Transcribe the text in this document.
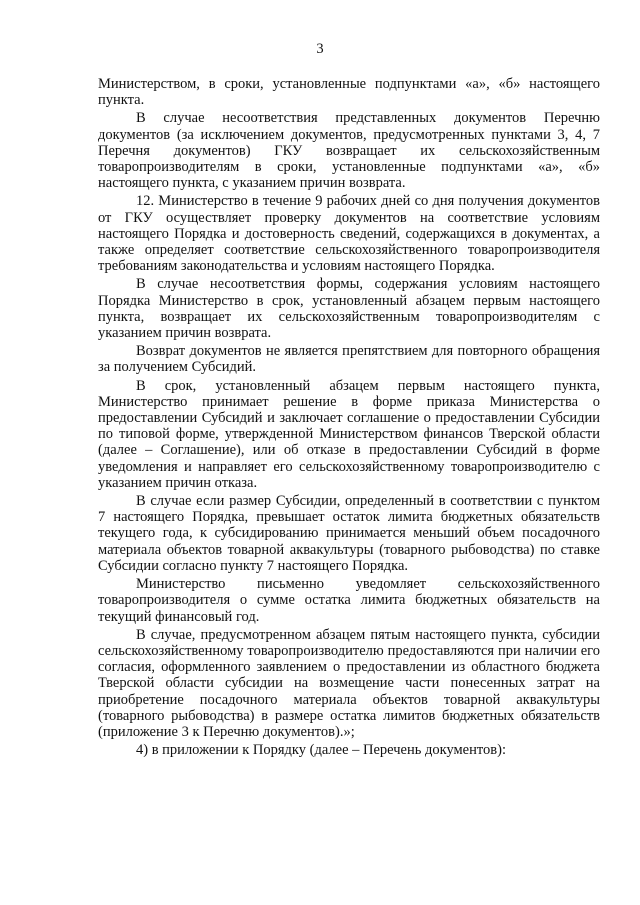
3

Министерством, в сроки, установленные подпунктами «а», «б» настоящего пункта.

В случае несоответствия представленных документов Перечню документов (за исключением документов, предусмотренных пунктами 3, 4, 7 Перечня документов) ГКУ возвращает их сельскохозяйственным товаропроизводителям в сроки, установленные подпунктами «а», «б» настоящего пункта, с указанием причин возврата.

12. Министерство в течение 9 рабочих дней со дня получения документов от ГКУ осуществляет проверку документов на соответствие условиям настоящего Порядка и достоверность сведений, содержащихся в документах, а также определяет соответствие сельскохозяйственного товаропроизводителя требованиям законодательства и условиям настоящего Порядка.

В случае несоответствия формы, содержания условиям настоящего Порядка Министерство в срок, установленный абзацем первым настоящего пункта, возвращает их сельскохозяйственным товаропроизводителям с указанием причин возврата.

Возврат документов не является препятствием для повторного обращения за получением Субсидий.

В срок, установленный абзацем первым настоящего пункта, Министерство принимает решение в форме приказа Министерства о предоставлении Субсидий и заключает соглашение о предоставлении Субсидии по типовой форме, утвержденной Министерством финансов Тверской области (далее – Соглашение), или об отказе в предоставлении Субсидий в форме уведомления и направляет его сельскохозяйственному товаропроизводителю с указанием причин отказа.

В случае если размер Субсидии, определенный в соответствии с пунктом 7 настоящего Порядка, превышает остаток лимита бюджетных обязательств текущего года, к субсидированию принимается меньший объем посадочного материала объектов товарной аквакультуры (товарного рыбоводства) по ставке Субсидии согласно пункту 7 настоящего Порядка.

Министерство письменно уведомляет сельскохозяйственного товаропроизводителя о сумме остатка лимита бюджетных обязательств на текущий финансовый год.

В случае, предусмотренном абзацем пятым настоящего пункта, субсидии сельскохозяйственному товаропроизводителю предоставляются при наличии его согласия, оформленного заявлением о предоставлении из областного бюджета Тверской области субсидии на возмещение части понесенных затрат на приобретение посадочного материала объектов товарной аквакультуры (товарного рыбоводства) в размере остатка лимитов бюджетных обязательств (приложение 3 к Перечню документов).»;

4) в приложении к Порядку (далее – Перечень документов):
